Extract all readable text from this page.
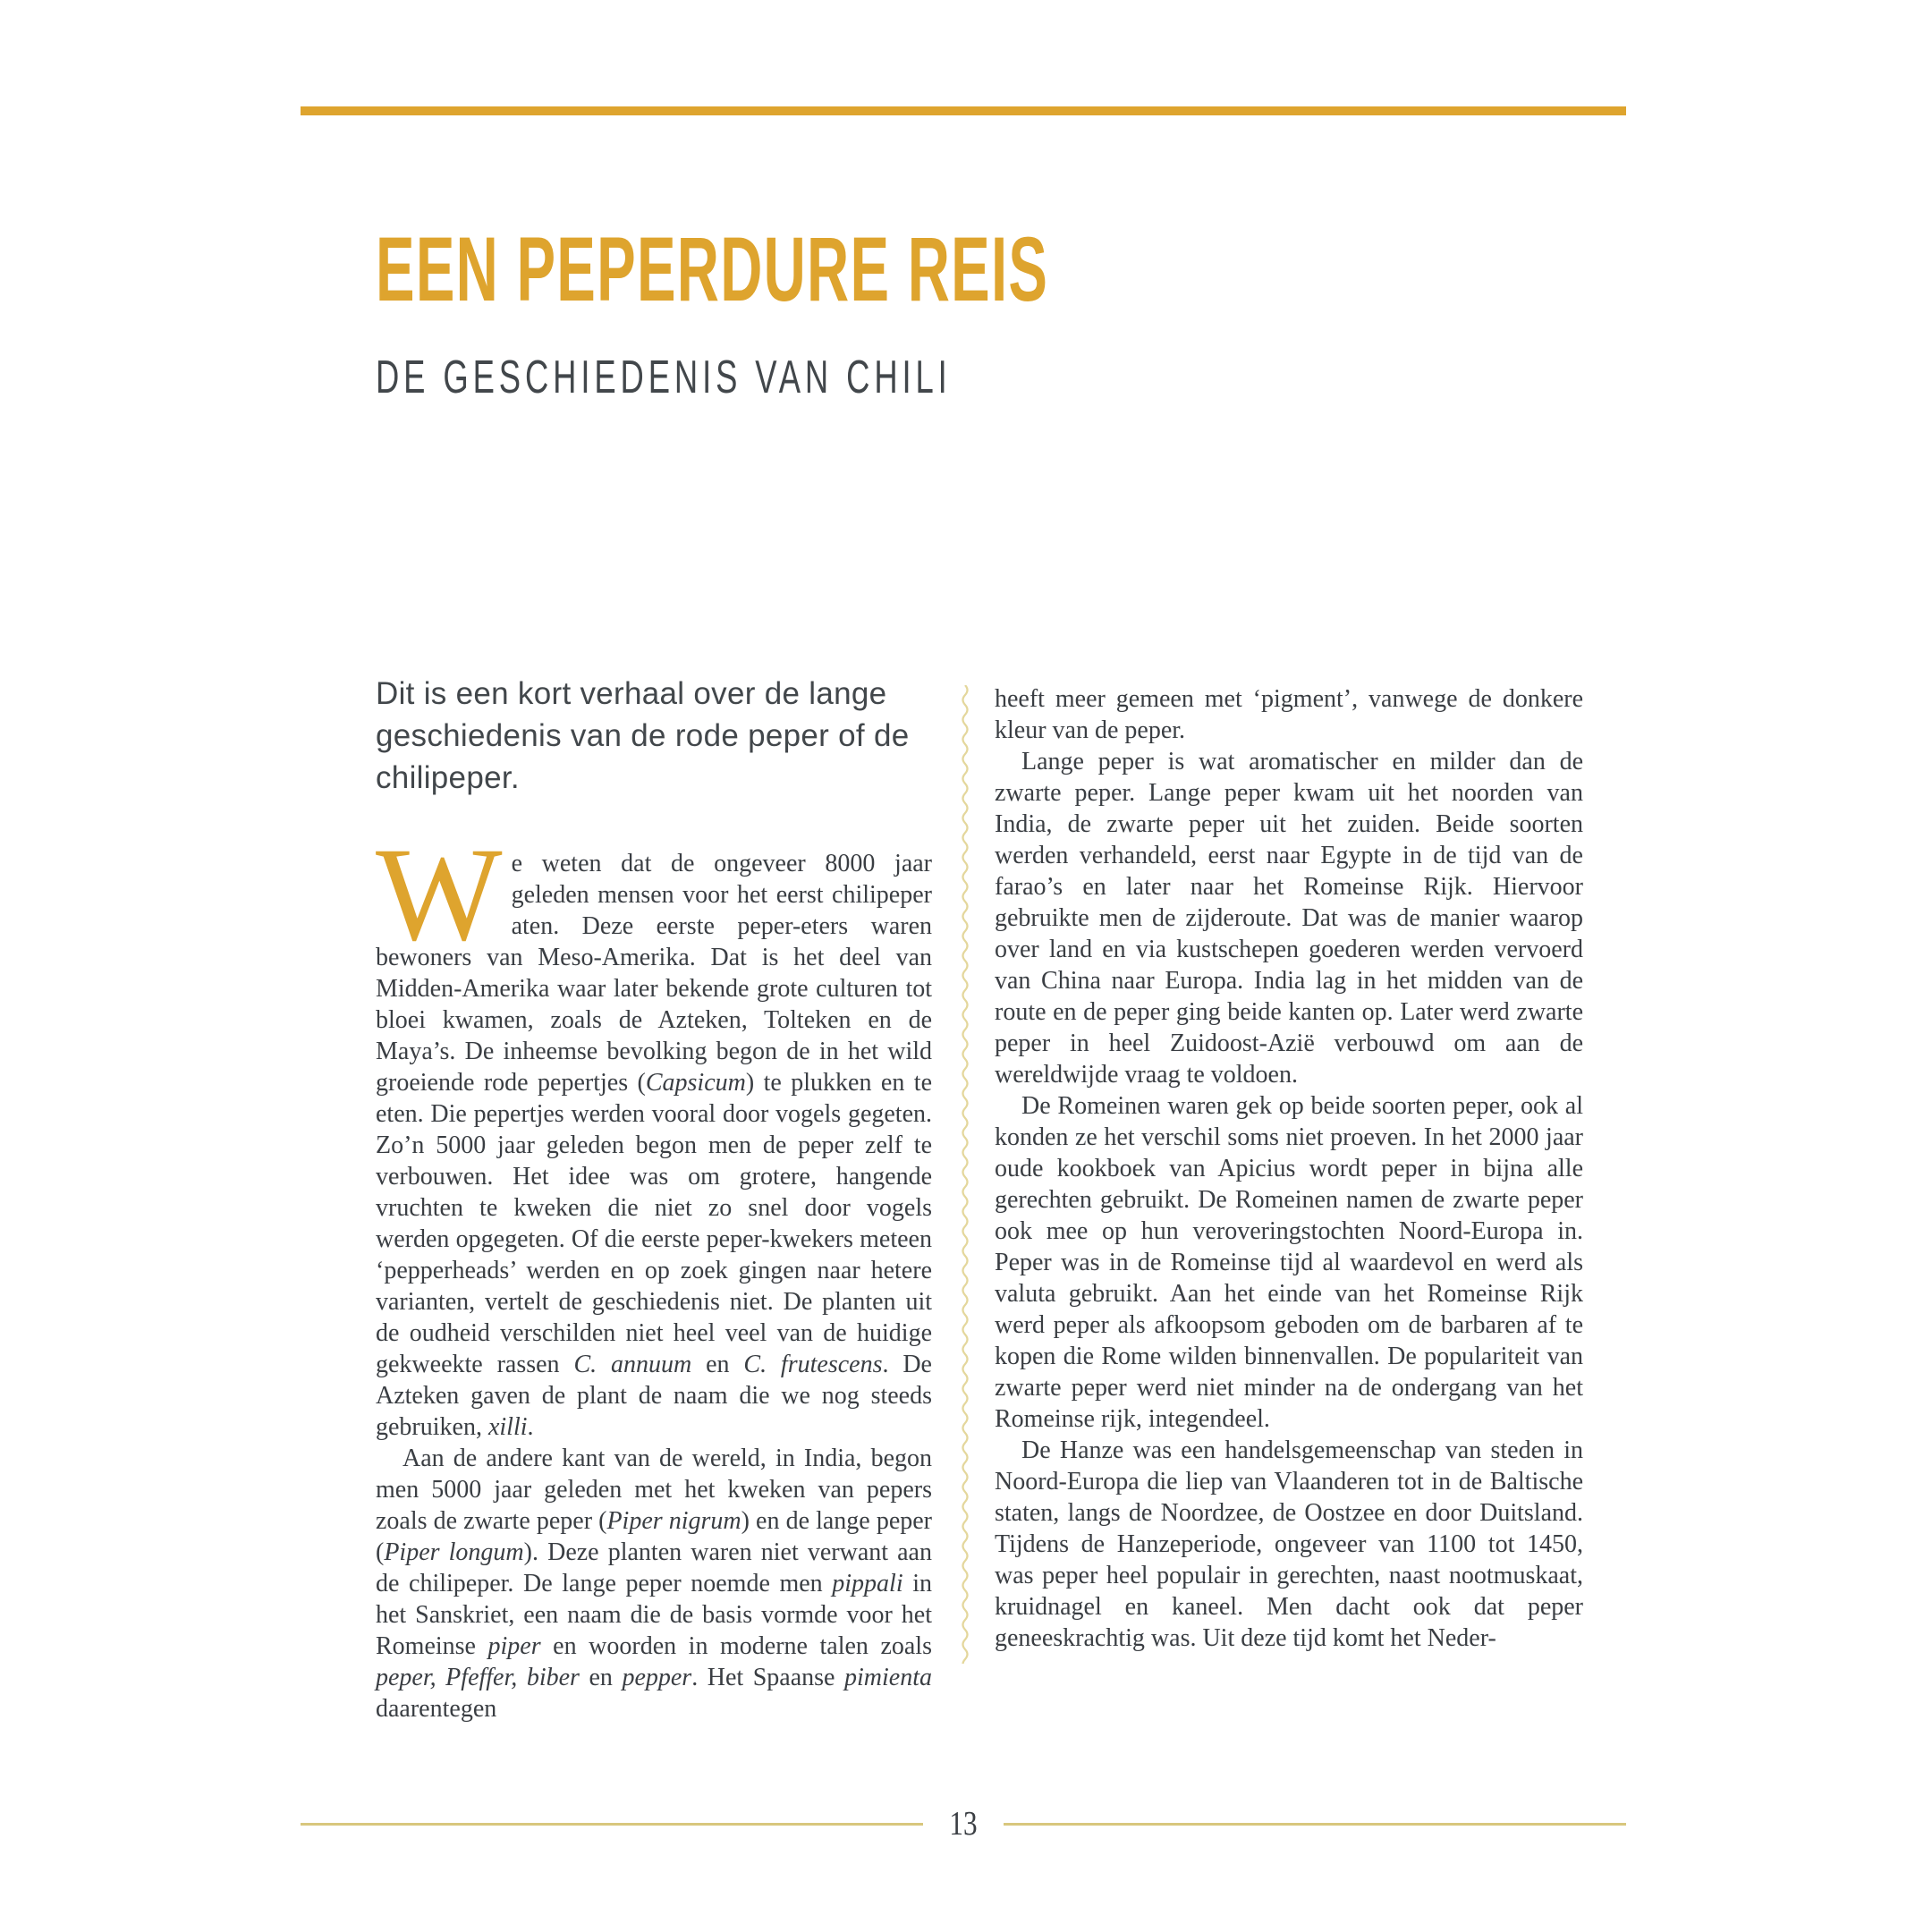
EEN PEPERDURE REIS
DE GESCHIEDENIS VAN CHILI

Dit is een kort verhaal over de lange geschiedenis van de rode peper of de chilipeper.

We weten dat de ongeveer 8000 jaar geleden mensen voor het eerst chilipeper aten. Deze eerste peper-eters waren bewoners van Meso-Amerika. Dat is het deel van Midden-Amerika waar later bekende grote culturen tot bloei kwamen, zoals de Azteken, Tolteken en de Maya’s. De inheemse bevolking begon de in het wild groeiende rode pepertjes (Capsicum) te plukken en te eten. Die pepertjes werden vooral door vogels gegeten. Zo’n 5000 jaar geleden begon men de peper zelf te verbouwen. Het idee was om grotere, hangende vruchten te kweken die niet zo snel door vogels werden opgegeten. Of die eerste peper-kwekers meteen ‘pepperheads’ werden en op zoek gingen naar hetere varianten, vertelt de geschiedenis niet. De planten uit de oudheid verschilden niet heel veel van de huidige gekweekte rassen C. annuum en C. frutescens. De Azteken gaven de plant de naam die we nog steeds gebruiken, xilli.

Aan de andere kant van de wereld, in India, begon men 5000 jaar geleden met het kweken van pepers zoals de zwarte peper (Piper nigrum) en de lange peper (Piper longum). Deze planten waren niet verwant aan de chilipeper. De lange peper noemde men pippali in het Sanskriet, een naam die de basis vormde voor het Romeinse piper en woorden in moderne talen zoals peper, Pfeffer, biber en pepper. Het Spaanse pimienta daarentegen

heeft meer gemeen met ‘pigment’, vanwege de donkere kleur van de peper.

Lange peper is wat aromatischer en milder dan de zwarte peper. Lange peper kwam uit het noorden van India, de zwarte peper uit het zuiden. Beide soorten werden verhandeld, eerst naar Egypte in de tijd van de farao’s en later naar het Romeinse Rijk. Hiervoor gebruikte men de zijderoute. Dat was de manier waarop over land en via kustschepen goederen werden vervoerd van China naar Europa. India lag in het midden van de route en de peper ging beide kanten op. Later werd zwarte peper in heel Zuidoost-Azië verbouwd om aan de wereldwijde vraag te voldoen.

De Romeinen waren gek op beide soorten peper, ook al konden ze het verschil soms niet proeven. In het 2000 jaar oude kookboek van Apicius wordt peper in bijna alle gerechten gebruikt. De Romeinen namen de zwarte peper ook mee op hun veroveringstochten Noord-Europa in. Peper was in de Romeinse tijd al waardevol en werd als valuta gebruikt. Aan het einde van het Romeinse Rijk werd peper als afkoopsom geboden om de barbaren af te kopen die Rome wilden binnenvallen. De populariteit van zwarte peper werd niet minder na de ondergang van het Romeinse rijk, integendeel.

De Hanze was een handelsgemeenschap van steden in Noord-Europa die liep van Vlaanderen tot in de Baltische staten, langs de Noordzee, de Oostzee en door Duitsland. Tijdens de Hanzeperiode, ongeveer van 1100 tot 1450, was peper heel populair in gerechten, naast nootmuskaat, kruidnagel en kaneel. Men dacht ook dat peper geneeskrachtig was. Uit deze tijd komt het Neder-

13
